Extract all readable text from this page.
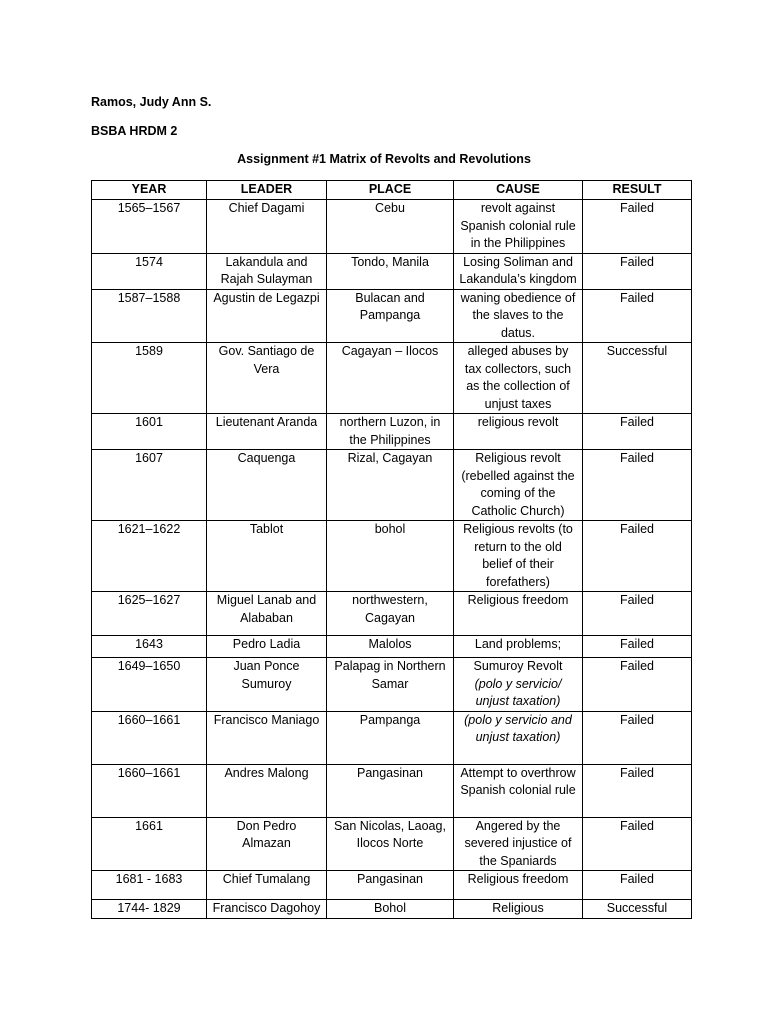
Ramos, Judy Ann S.
BSBA HRDM 2
Assignment #1 Matrix of Revolts and Revolutions
YEAR	LEADER	PLACE	CAUSE	RESULT
1565–1567	Chief Dagami	Cebu	revolt against Spanish colonial rule in the Philippines	Failed
1574	Lakandula and Rajah Sulayman	Tondo, Manila	Losing Soliman and Lakandula’s kingdom	Failed
1587–1588	Agustin de Legazpi	Bulacan and Pampanga	waning obedience of the slaves to the datus.	Failed
1589	Gov. Santiago de Vera	Cagayan – Ilocos	alleged abuses by tax collectors, such as the collection of unjust taxes	Successful
1601	Lieutenant Aranda	northern Luzon, in the Philippines	religious revolt	Failed
1607	Caquenga	Rizal, Cagayan	Religious revolt (rebelled against the coming of the Catholic Church)	Failed
1621–1622	Tablot	bohol	Religious revolts (to return to the old belief of their forefathers)	Failed
1625–1627	Miguel Lanab and Alababan	northwestern, Cagayan	Religious freedom	Failed
1643	Pedro Ladia	Malolos	Land problems;	Failed
1649–1650	Juan Ponce Sumuroy	Palapag in Northern Samar	Sumuroy Revolt (polo y servicio/ unjust taxation)	Failed
1660–1661	Francisco Maniago	Pampanga	(polo y servicio and unjust taxation)	Failed
1660–1661	Andres Malong	Pangasinan	Attempt to overthrow Spanish colonial rule	Failed
1661	Don Pedro Almazan	San Nicolas, Laoag, Ilocos Norte	Angered by the severed injustice of the Spaniards	Failed
1681 - 1683	Chief Tumalang	Pangasinan	Religious freedom	Failed
1744- 1829	Francisco Dagohoy	Bohol	Religious	Successful
